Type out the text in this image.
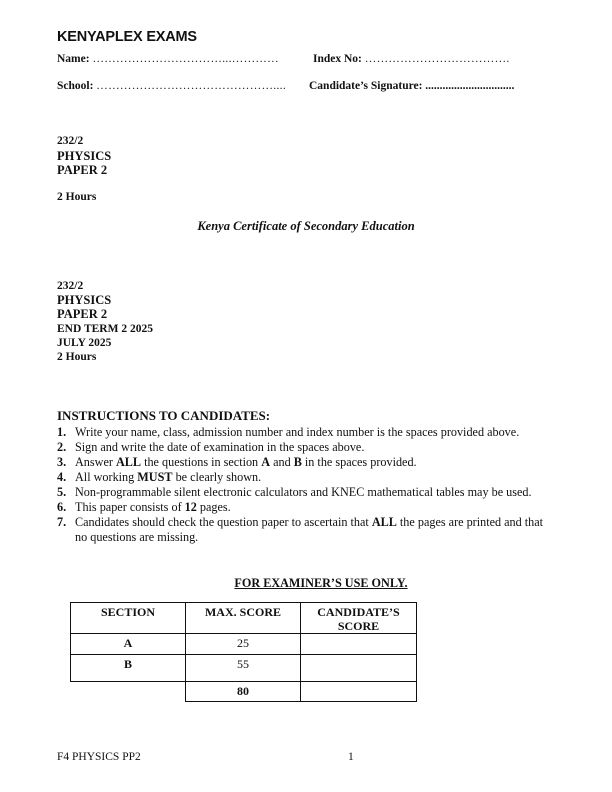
KENYAPLEX EXAMS
Name: ……………………………...…………	Index No: ……………………………….
School: ……………………………………….... Candidate’s Signature: ...............................
232/2
PHYSICS
PAPER 2
2 Hours
Kenya Certificate of Secondary Education
232/2
PHYSICS
PAPER 2
END TERM 2 2025
JULY 2025
2 Hours
INSTRUCTIONS TO CANDIDATES:
1. Write your name, class, admission number and index number is the spaces provided above.
2. Sign and write the date of examination in the spaces above.
3. Answer ALL the questions in section A and B in the spaces provided.
4. All working MUST be clearly shown.
5. Non-programmable silent electronic calculators and KNEC mathematical tables may be used.
6. This paper consists of 12 pages.
7. Candidates should check the question paper to ascertain that ALL the pages are printed and that no questions are missing.
FOR EXAMINER’S USE ONLY.
SECTION	MAX. SCORE	CANDIDATE’S SCORE
A	25	
B	55	
	80	
F4 PHYSICS PP2	1
